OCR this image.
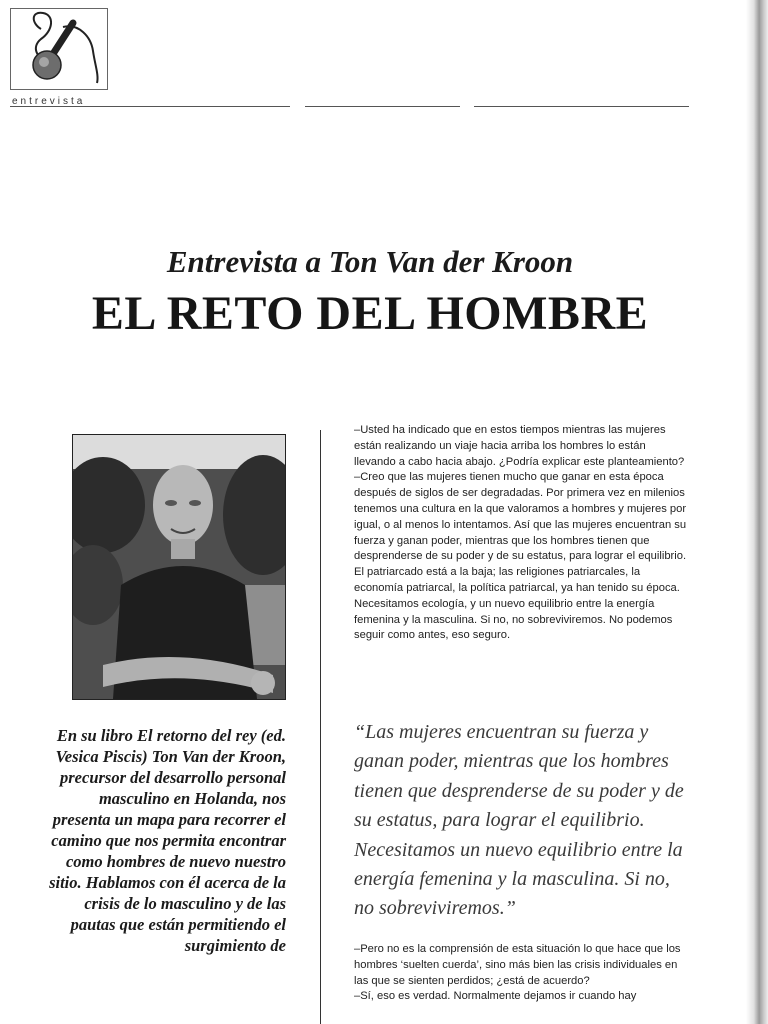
entrevista
Entrevista a Ton Van der Kroon
EL RETO DEL HOMBRE

En su libro El retorno del rey (ed. Vesica Piscis) Ton Van der Kroon, precursor del desarrollo personal masculino en Holanda, nos presenta un mapa para recorrer el camino que nos permita encontrar como hombres de nuevo nuestro sitio. Hablamos con él acerca de la crisis de lo masculino y de las pautas que están permitiendo el surgimiento de

–Usted ha indicado que en estos tiempos mientras las mujeres están realizando un viaje hacia arriba los hombres lo están llevando a cabo hacia abajo. ¿Podría explicar este planteamiento?

–Creo que las mujeres tienen mucho que ganar en esta época después de siglos de ser degradadas. Por primera vez en milenios tenemos una cultura en la que valoramos a hombres y mujeres por igual, o al menos lo intentamos. Así que las mujeres encuentran su fuerza y ganan poder, mientras que los hombres tienen que desprenderse de su poder y de su estatus, para lograr el equilibrio. El patriarcado está a la baja; las religiones patriarcales, la economía patriarcal, la política patriarcal, ya han tenido su época. Necesitamos ecología, y un nuevo equilibrio entre la energía femenina y la masculina. Si no, no sobreviviremos. No podemos seguir como antes, eso seguro.

“Las mujeres encuentran su fuerza y ganan poder, mientras que los hombres tienen que desprenderse de su poder y de su estatus, para lograr el equilibrio. Necesitamos un nuevo equilibrio entre la energía femenina y la masculina. Si no, no sobreviviremos.”

–Pero no es la comprensión de esta situación lo que hace que los hombres ‘suelten cuerda’, sino más bien las crisis individuales en las que se sienten perdidos; ¿está de acuerdo?

–Sí, eso es verdad. Normalmente dejamos ir cuando hay
